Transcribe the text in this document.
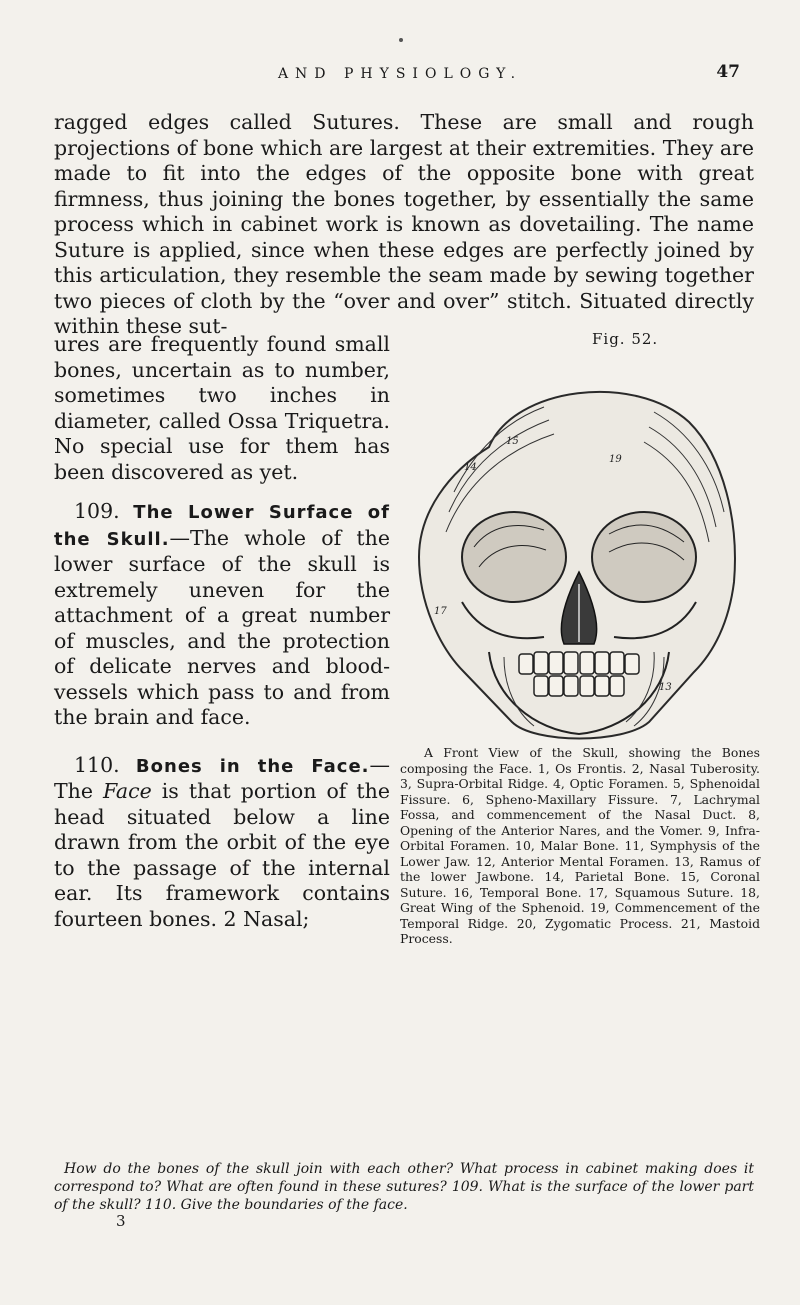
AND PHYSIOLOGY.	47

ragged edges called Sutures. These are small and rough projections of bone which are largest at their extremities. They are made to fit into the edges of the opposite bone with great firmness, thus joining the bones together, by essentially the same process which in cabinet work is known as dovetailing. The name Suture is applied, since when these edges are perfectly joined by this articulation, they resemble the seam made by sewing together two pieces of cloth by the “over and over” stitch. Situated directly within these sut-

ures are frequently found small bones, uncertain as to number, sometimes two inches in diameter, called Ossa Triquetra. No special use for them has been discovered as yet.

109. The Lower Surface of the Skull.—The whole of the lower surface of the skull is extremely uneven for the attachment of a great number of muscles, and the protection of delicate nerves and blood-vessels which pass to and from the brain and face.

110. Bones in the Face.— The Face is that portion of the head situated below a line drawn from the orbit of the eye to the passage of the internal ear. Its framework contains fourteen bones. 2 Nasal;

Fig. 52.
14
15
19
17
13

A Front View of the Skull, showing the Bones composing the Face. 1, Os Frontis. 2, Nasal Tuberosity. 3, Supra-Orbital Ridge. 4, Optic Foramen. 5, Sphenoidal Fissure. 6, Spheno-Maxillary Fissure. 7, Lachrymal Fossa, and commencement of the Nasal Duct. 8, Opening of the Anterior Nares, and the Vomer. 9, Infra-Orbital Foramen. 10, Malar Bone. 11, Symphysis of the Lower Jaw. 12, Anterior Mental Foramen. 13, Ramus of the lower Jawbone. 14, Parietal Bone. 15, Coronal Suture. 16, Temporal Bone. 17, Squamous Suture. 18, Great Wing of the Sphenoid. 19, Commencement of the Temporal Ridge. 20, Zygomatic Process. 21, Mastoid Process.

How do the bones of the skull join with each other? What process in cabinet making does it correspond to? What are often found in these sutures? 109. What is the surface of the lower part of the skull? 110. Give the boundaries of the face.

3
